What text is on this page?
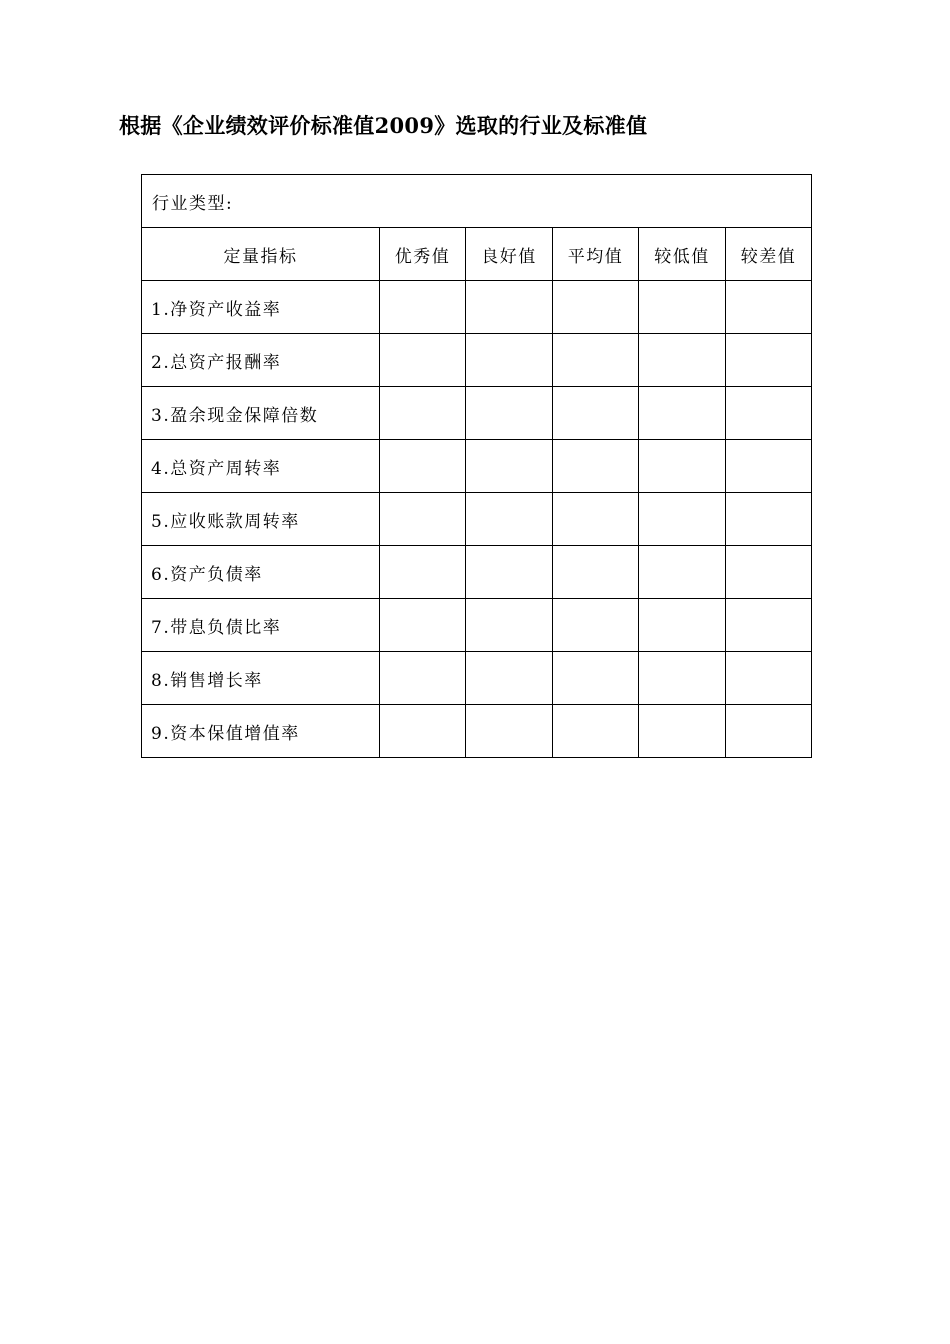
根据《企业绩效评价标准值2009》选取的行业及标准值
行业类型:					
定量指标	优秀值	良好值	平均值	较低值	较差值
1.净资产收益率					
2.总资产报酬率					
3.盈余现金保障倍数					
4.总资产周转率					
5.应收账款周转率					
6.资产负债率					
7.带息负债比率					
8.销售增长率					
9.资本保值增值率					
